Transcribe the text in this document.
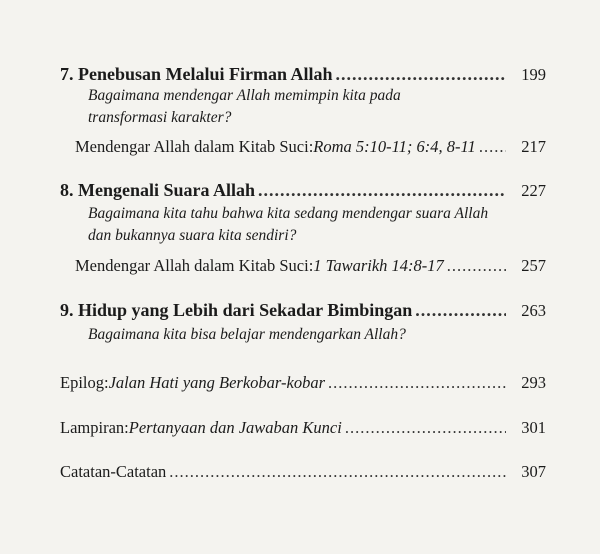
7. Penebusan Melalui Firman Allah .....	199
Bagaimana mendengar Allah memimpin kita pada
transformasi karakter?
Mendengar Allah dalam Kitab Suci: Roma 5:10-11; 6:4, 8-11 .....	217
8. Mengenali Suara Allah .....	227
Bagaimana kita tahu bahwa kita sedang mendengar suara Allah
dan bukannya suara kita sendiri?
Mendengar Allah dalam Kitab Suci: 1 Tawarikh 14:8-17 .....	257
9. Hidup yang Lebih dari Sekadar Bimbingan .....	263
Bagaimana kita bisa belajar mendengarkan Allah?
Epilog: Jalan Hati yang Berkobar-kobar .....	293
Lampiran: Pertanyaan dan Jawaban Kunci .....	301
Catatan-Catatan .....	307
